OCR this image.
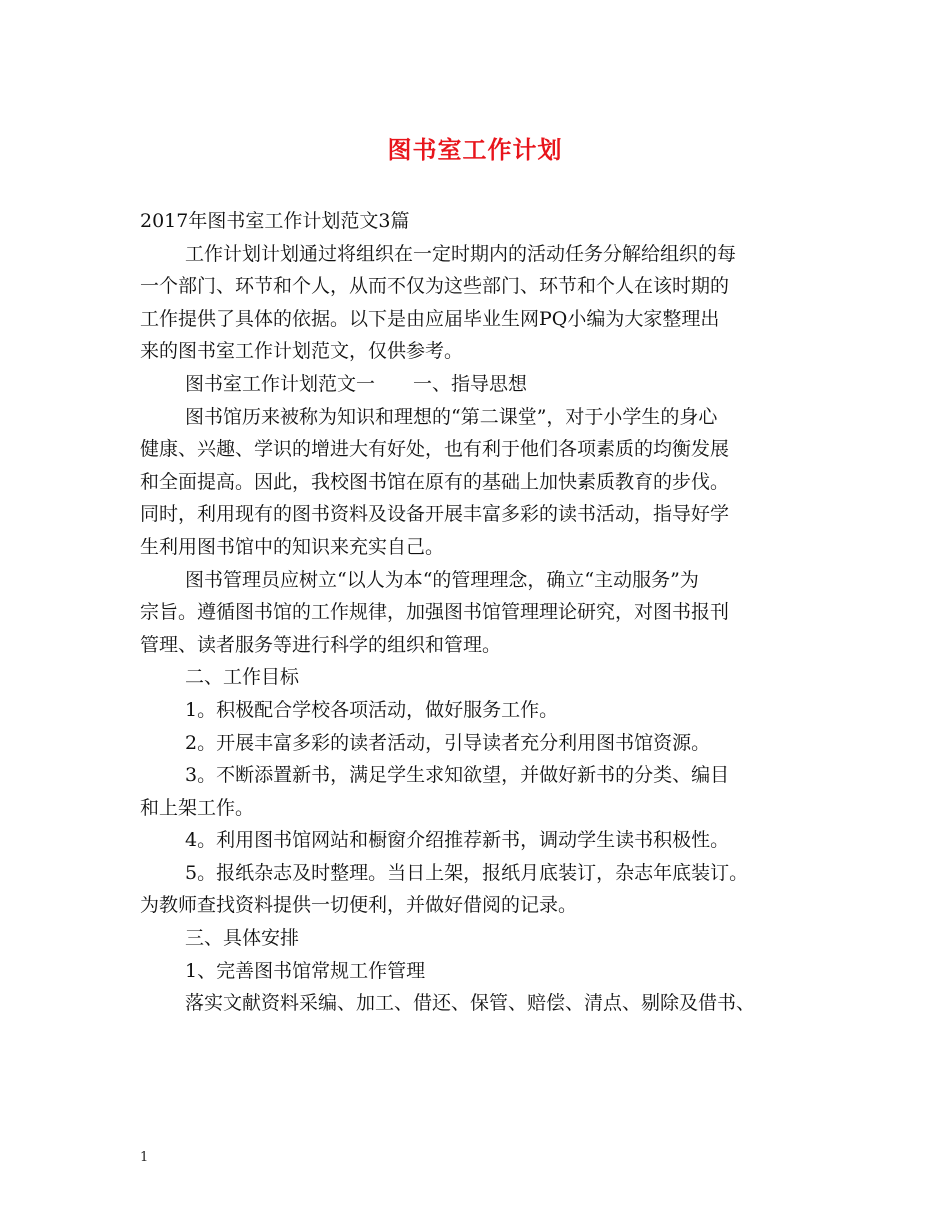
图书室工作计划
2017年图书室工作计划范文3篇
工作计划计划通过将组织在一定时期内的活动任务分解给组织的每
一个部门、环节和个人，从而不仅为这些部门、环节和个人在该时期的
工作提供了具体的依据。以下是由应届毕业生网PQ小编为大家整理出
来的图书室工作计划范文，仅供参考。
图书室工作计划范文一　　一、指导思想
图书馆历来被称为知识和理想的“第二课堂”，对于小学生的身心
健康、兴趣、学识的增进大有好处，也有利于他们各项素质的均衡发展
和全面提高。因此，我校图书馆在原有的基础上加快素质教育的步伐。
同时，利用现有的图书资料及设备开展丰富多彩的读书活动，指导好学
生利用图书馆中的知识来充实自己。
图书管理员应树立“以人为本“的管理理念，确立“主动服务”为
宗旨。遵循图书馆的工作规律，加强图书馆管理理论研究，对图书报刊
管理、读者服务等进行科学的组织和管理。
二、工作目标
1。积极配合学校各项活动，做好服务工作。
2。开展丰富多彩的读者活动，引导读者充分利用图书馆资源。
3。不断添置新书，满足学生求知欲望，并做好新书的分类、编目
和上架工作。
4。利用图书馆网站和橱窗介绍推荐新书，调动学生读书积极性。
5。报纸杂志及时整理。当日上架，报纸月底装订，杂志年底装订。
为教师查找资料提供一切便利，并做好借阅的记录。
三、具体安排
1、完善图书馆常规工作管理
落实文献资料采编、加工、借还、保管、赔偿、清点、剔除及借书、
1
